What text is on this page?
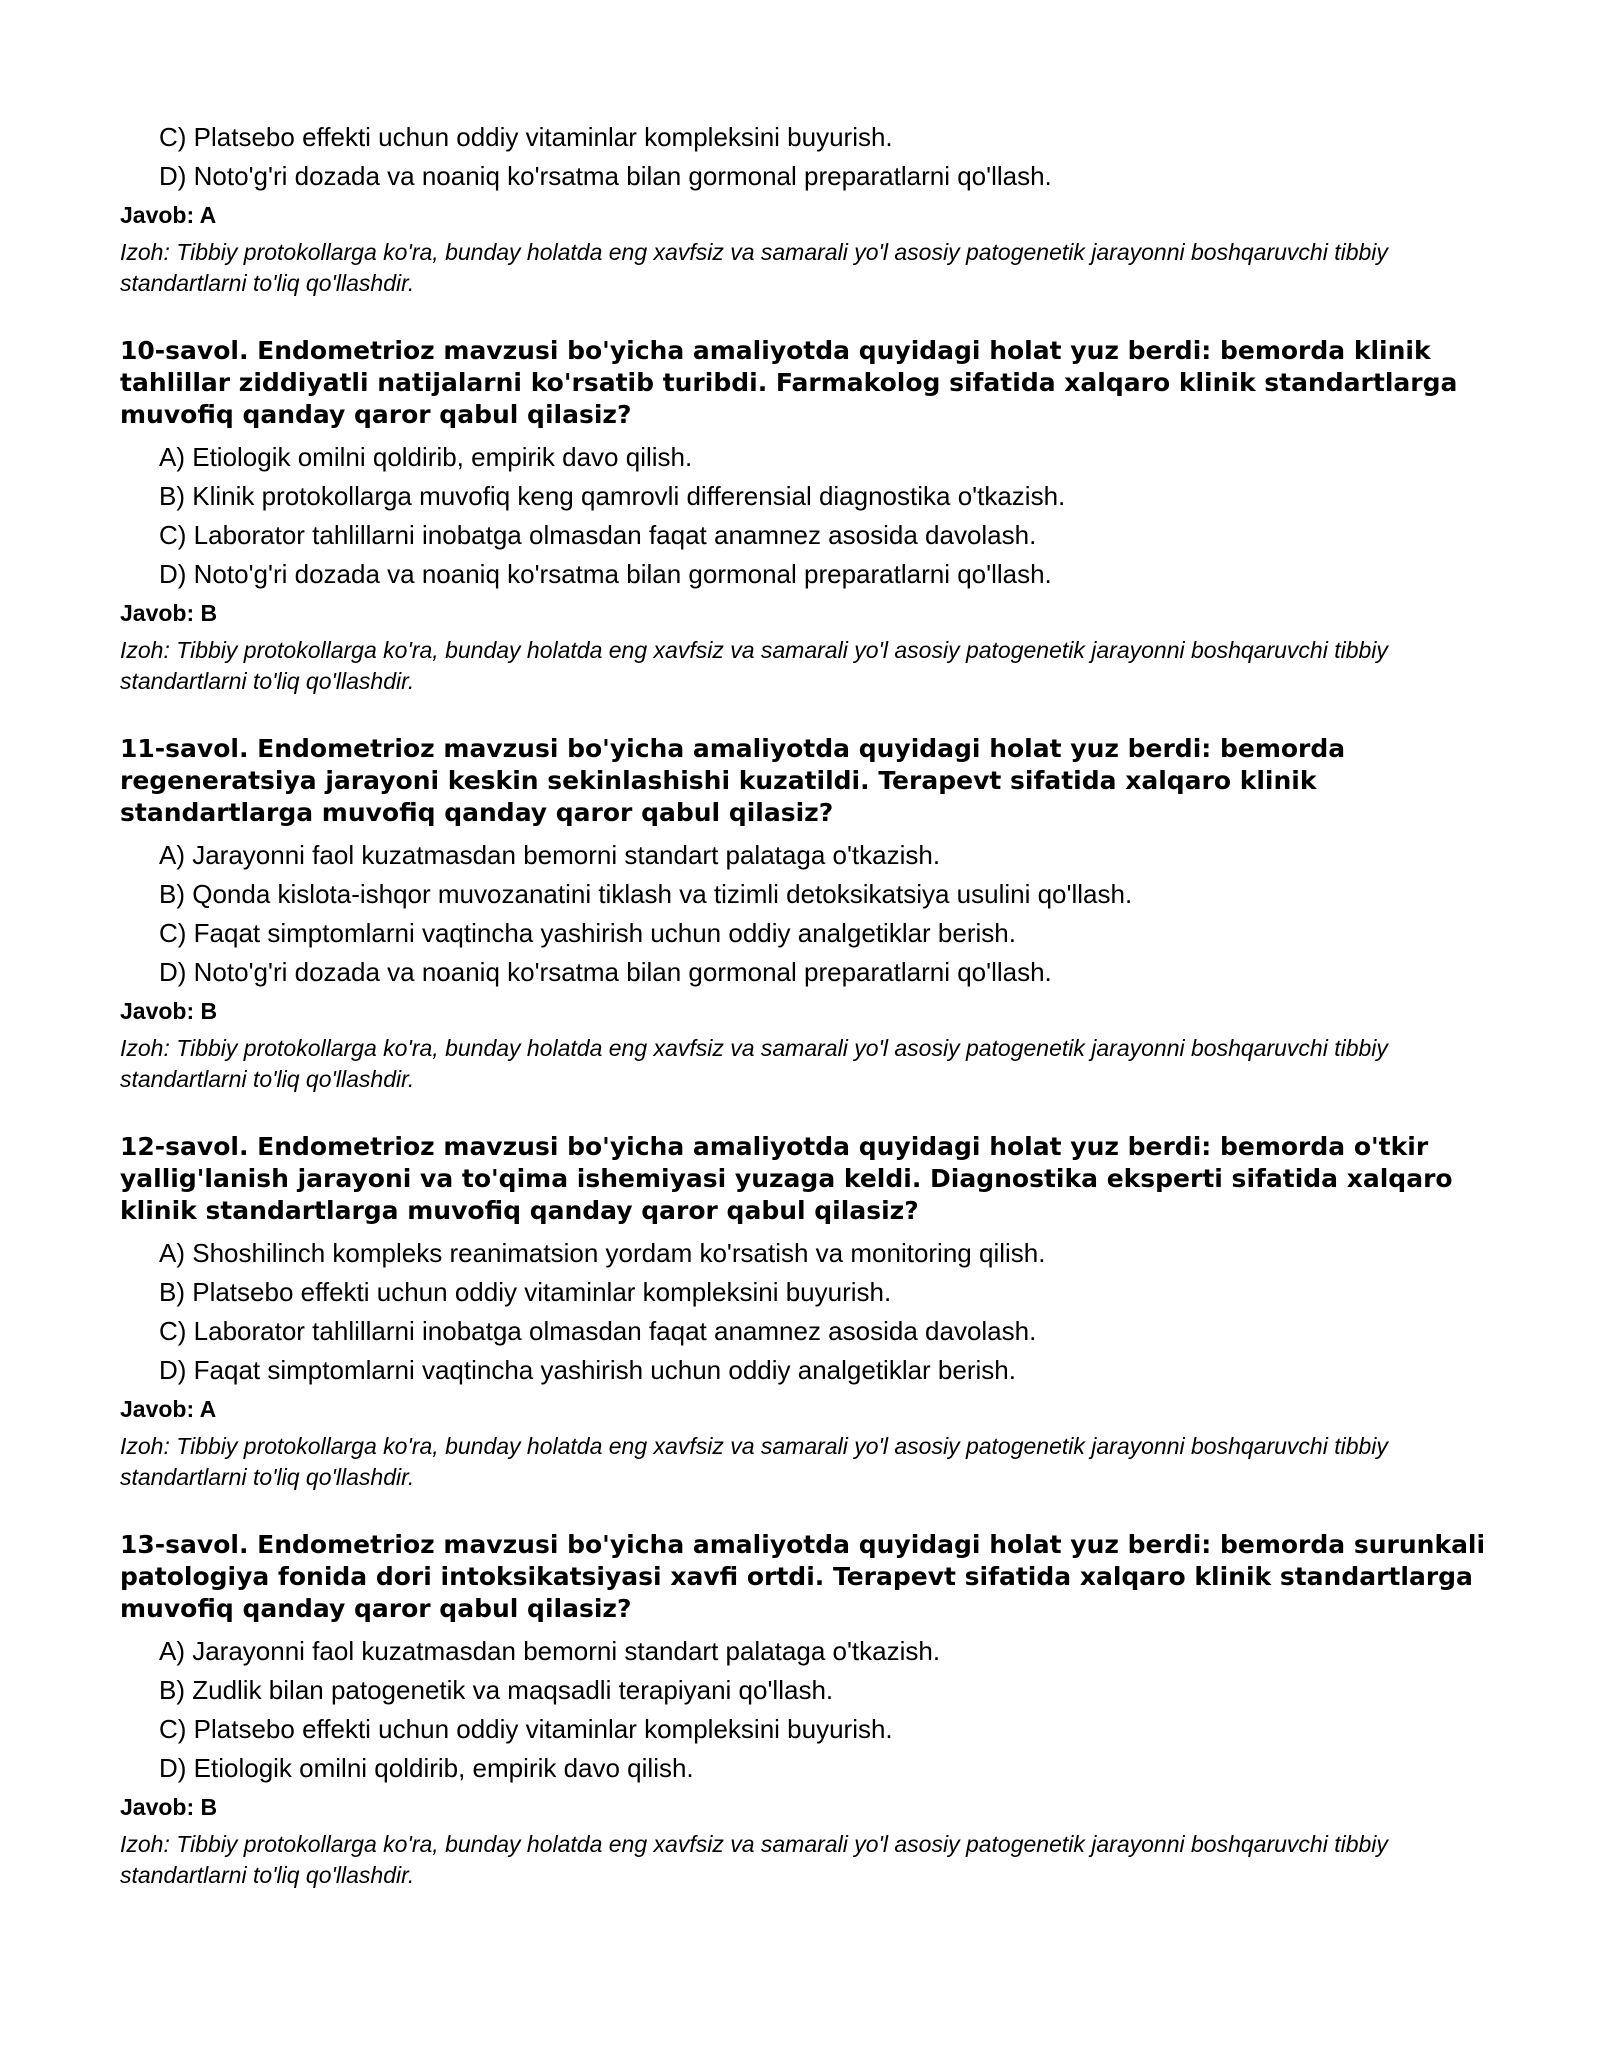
C) Platsebo effekti uchun oddiy vitaminlar kompleksini buyurish.
D) Noto'g'ri dozada va noaniq ko'rsatma bilan gormonal preparatlarni qo'llash.
Javob: A
Izoh: Tibbiy protokollarga ko'ra, bunday holatda eng xavfsiz va samarali yo'l asosiy patogenetik jarayonni boshqaruvchi tibbiy standartlarni to'liq qo'llashdir.
10-savol. Endometrioz mavzusi bo'yicha amaliyotda quyidagi holat yuz berdi: bemorda klinik tahlillar ziddiyatli natijalarni ko'rsatib turibdi. Farmakolog sifatida xalqaro klinik standartlarga muvofiq qanday qaror qabul qilasiz?
A) Etiologik omilni qoldirib, empirik davo qilish.
B) Klinik protokollarga muvofiq keng qamrovli differensial diagnostika o'tkazish.
C) Laborator tahlillarni inobatga olmasdan faqat anamnez asosida davolash.
D) Noto'g'ri dozada va noaniq ko'rsatma bilan gormonal preparatlarni qo'llash.
Javob: B
Izoh: Tibbiy protokollarga ko'ra, bunday holatda eng xavfsiz va samarali yo'l asosiy patogenetik jarayonni boshqaruvchi tibbiy standartlarni to'liq qo'llashdir.
11-savol. Endometrioz mavzusi bo'yicha amaliyotda quyidagi holat yuz berdi: bemorda regeneratsiya jarayoni keskin sekinlashishi kuzatildi. Terapevt sifatida xalqaro klinik standartlarga muvofiq qanday qaror qabul qilasiz?
A) Jarayonni faol kuzatmasdan bemorni standart palataga o'tkazish.
B) Qonda kislota-ishqor muvozanatini tiklash va tizimli detoksikatsiya usulini qo'llash.
C) Faqat simptomlarni vaqtincha yashirish uchun oddiy analgetiklar berish.
D) Noto'g'ri dozada va noaniq ko'rsatma bilan gormonal preparatlarni qo'llash.
Javob: B
Izoh: Tibbiy protokollarga ko'ra, bunday holatda eng xavfsiz va samarali yo'l asosiy patogenetik jarayonni boshqaruvchi tibbiy standartlarni to'liq qo'llashdir.
12-savol. Endometrioz mavzusi bo'yicha amaliyotda quyidagi holat yuz berdi: bemorda o'tkir yallig'lanish jarayoni va to'qima ishemiyasi yuzaga keldi. Diagnostika eksperti sifatida xalqaro klinik standartlarga muvofiq qanday qaror qabul qilasiz?
A) Shoshilinch kompleks reanimatsion yordam ko'rsatish va monitoring qilish.
B) Platsebo effekti uchun oddiy vitaminlar kompleksini buyurish.
C) Laborator tahlillarni inobatga olmasdan faqat anamnez asosida davolash.
D) Faqat simptomlarni vaqtincha yashirish uchun oddiy analgetiklar berish.
Javob: A
Izoh: Tibbiy protokollarga ko'ra, bunday holatda eng xavfsiz va samarali yo'l asosiy patogenetik jarayonni boshqaruvchi tibbiy standartlarni to'liq qo'llashdir.
13-savol. Endometrioz mavzusi bo'yicha amaliyotda quyidagi holat yuz berdi: bemorda surunkali patologiya fonida dori intoksikatsiyasi xavfi ortdi. Terapevt sifatida xalqaro klinik standartlarga muvofiq qanday qaror qabul qilasiz?
A) Jarayonni faol kuzatmasdan bemorni standart palataga o'tkazish.
B) Zudlik bilan patogenetik va maqsadli terapiyani qo'llash.
C) Platsebo effekti uchun oddiy vitaminlar kompleksini buyurish.
D) Etiologik omilni qoldirib, empirik davo qilish.
Javob: B
Izoh: Tibbiy protokollarga ko'ra, bunday holatda eng xavfsiz va samarali yo'l asosiy patogenetik jarayonni boshqaruvchi tibbiy standartlarni to'liq qo'llashdir.
